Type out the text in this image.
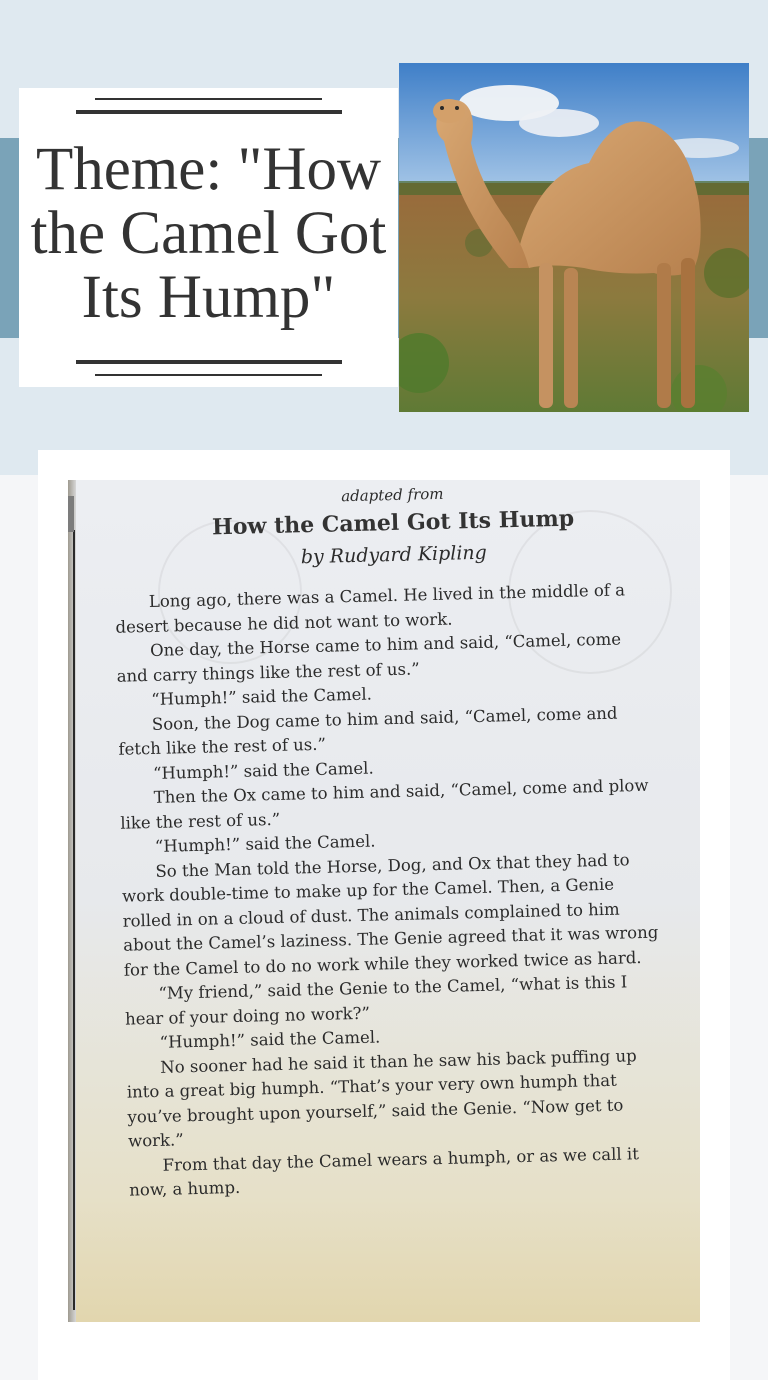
Theme: "How
the Camel Got
Its Hump"
adapted from
How the Camel Got Its Hump
by Rudyard Kipling

Long ago, there was a Camel. He lived in the middle of a desert because he did not want to work.

One day, the Horse came to him and said, “Camel, come and carry things like the rest of us.”

“Humph!” said the Camel.

Soon, the Dog came to him and said, “Camel, come and fetch like the rest of us.”

“Humph!” said the Camel.

Then the Ox came to him and said, “Camel, come and plow like the rest of us.”

“Humph!” said the Camel.

So the Man told the Horse, Dog, and Ox that they had to work double-time to make up for the Camel. Then, a Genie rolled in on a cloud of dust. The animals complained to him about the Camel’s laziness. The Genie agreed that it was wrong for the Camel to do no work while they worked twice as hard.

“My friend,” said the Genie to the Camel, “what is this I hear of your doing no work?”

“Humph!” said the Camel.

No sooner had he said it than he saw his back puffing up into a great big humph. “That’s your very own humph that you’ve brought upon yourself,” said the Genie. “Now get to work.”

From that day the Camel wears a humph, or as we call it now, a hump.
